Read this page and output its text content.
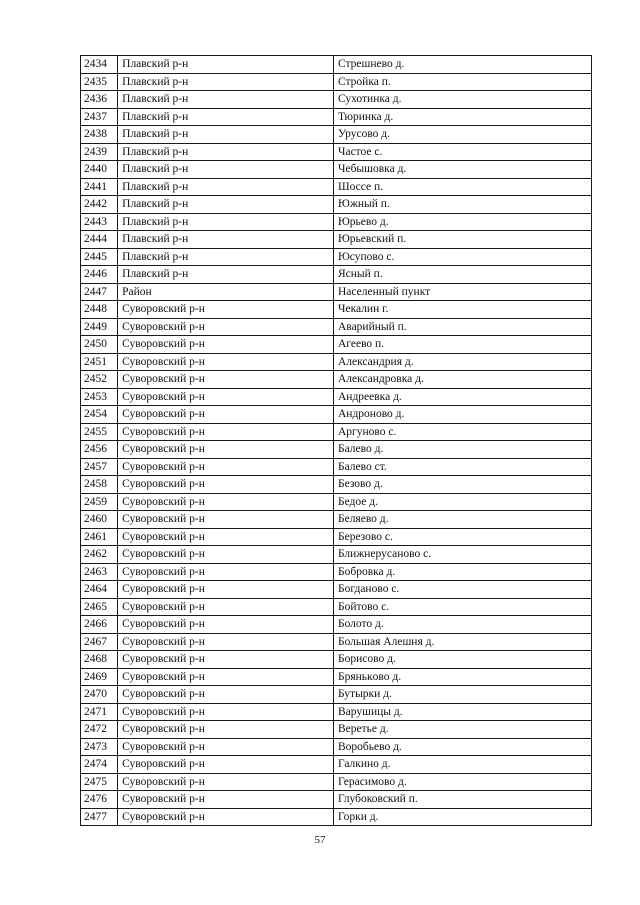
2434	Плавский р-н	Стрешнево д.
2435	Плавский р-н	Стройка п.
2436	Плавский р-н	Сухотинка д.
2437	Плавский р-н	Тюринка д.
2438	Плавский р-н	Урусово д.
2439	Плавский р-н	Частое с.
2440	Плавский р-н	Чебышовка д.
2441	Плавский р-н	Шоссе п.
2442	Плавский р-н	Южный п.
2443	Плавский р-н	Юрьево д.
2444	Плавский р-н	Юрьевский п.
2445	Плавский р-н	Юсупово с.
2446	Плавский р-н	Ясный п.
2447	Район	Населенный пункт
2448	Суворовский р-н	Чекалин г.
2449	Суворовский р-н	Аварийный п.
2450	Суворовский р-н	Агеево п.
2451	Суворовский р-н	Александрия д.
2452	Суворовский р-н	Александровка д.
2453	Суворовский р-н	Андреевка д.
2454	Суворовский р-н	Андроново д.
2455	Суворовский р-н	Аргуново с.
2456	Суворовский р-н	Балево д.
2457	Суворовский р-н	Балево ст.
2458	Суворовский р-н	Безово д.
2459	Суворовский р-н	Бедое д.
2460	Суворовский р-н	Беляево д.
2461	Суворовский р-н	Березово с.
2462	Суворовский р-н	Ближнерусаново с.
2463	Суворовский р-н	Бобровка д.
2464	Суворовский р-н	Богданово с.
2465	Суворовский р-н	Бойтово с.
2466	Суворовский р-н	Болото д.
2467	Суворовский р-н	Большая Алешня д.
2468	Суворовский р-н	Борисово д.
2469	Суворовский р-н	Брянькoво д.
2470	Суворовский р-н	Бутырки д.
2471	Суворовский р-н	Варушицы д.
2472	Суворовский р-н	Веретье д.
2473	Суворовский р-н	Воробьево д.
2474	Суворовский р-н	Галкино д.
2475	Суворовский р-н	Герасимово д.
2476	Суворовский р-н	Глубоковский п.
2477	Суворовский р-н	Горки д.
57
